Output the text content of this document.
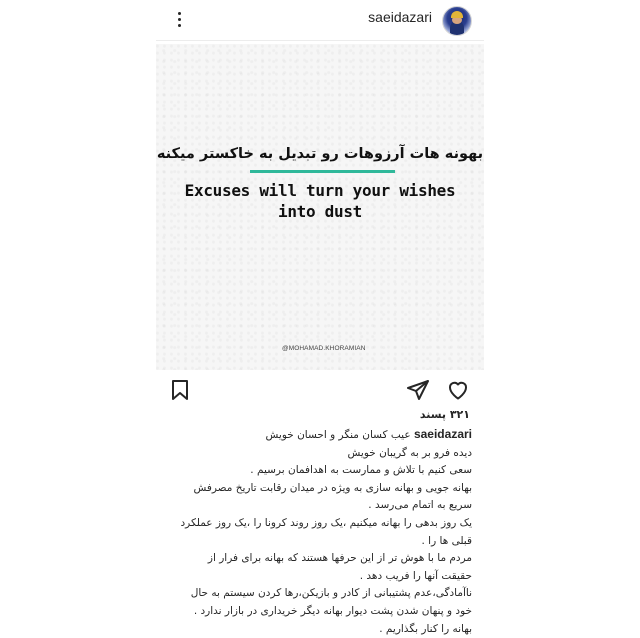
saeidazari
بهونه هات آرزوهات رو تبدیل به خاکستر میکنه
Excuses will turn your wishes
into dust
@MOHAMAD.KHORAMIAN
۳۲۱ پسند
saeidazari عیب کسان منگر و احسان خویش
دیده فرو بر به گریبان خویش
سعی کنیم با تلاش و ممارست به اهدافمان برسیم .
بهانه جویی و بهانه سازی به ویژه در میدان رقابت تاریخ مصرفش
سریع به اتمام می‌رسد .
یک روز بدهی را بهانه میکنیم ،یک روز روند کرونا را ،یک روز عملکرد
قبلی ها را .
مردم ما با هوش تر از این حرفها هستند که بهانه برای فرار از
حقیقت آنها را فریب دهد .
ناآمادگی،عدم پشتیبانی از کادر و بازیکن،رها کردن سیستم به حال
خود و پنهان شدن پشت دیوار بهانه دیگر خریداری در بازار ندارد .
بهانه را کنار بگذاریم .
